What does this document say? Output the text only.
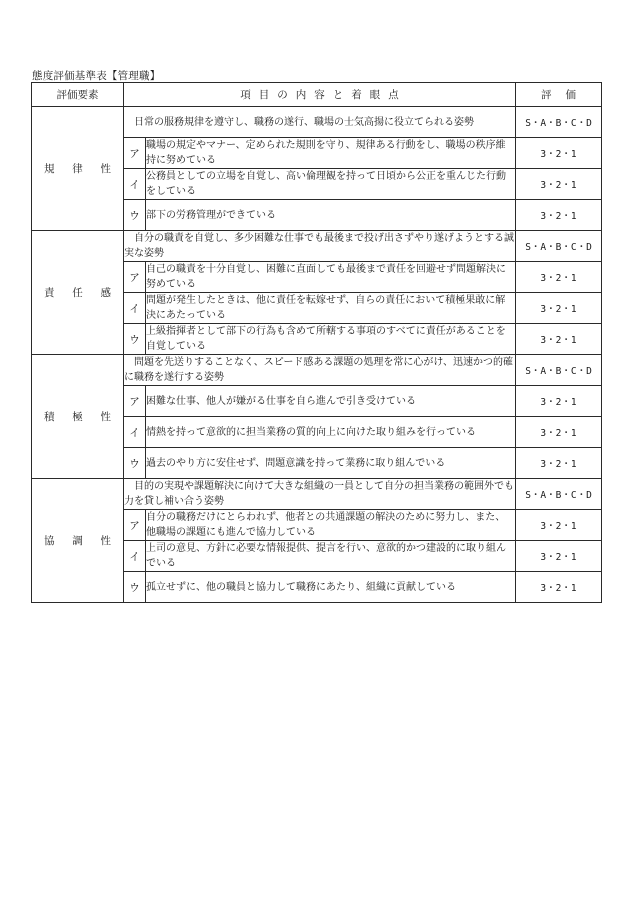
態度評価基準表【管理職】
評価要素	項目の内容と着眼点		評価

規 律 性	日常の服務規律を遵守し、職務の遂行、職場の士気高揚に役立てられる姿勢		S・A・B・C・D
	ア	職場の規定やマナー、定められた規則を守り、規律ある行動をし、職場の秩序維持に努めている	3・2・1
	イ	公務員としての立場を自覚し、高い倫理観を持って日頃から公正を重んじた行動をしている	3・2・1
	ウ	部下の労務管理ができている	3・2・1

責 任 感	自分の職責を自覚し、多少困難な仕事でも最後まで投げ出さずやり遂げようとする誠実な姿勢		S・A・B・C・D
	ア	自己の職責を十分自覚し、困難に直面しても最後まで責任を回避せず問題解決に努めている	3・2・1
	イ	問題が発生したときは、他に責任を転嫁せず、自らの責任において積極果敢に解決にあたっている	3・2・1
	ウ	上級指揮者として部下の行為も含めて所轄する事項のすべてに責任があることを自覚している	3・2・1

積 極 性	問題を先送りすることなく、スピード感ある課題の処理を常に心がけ、迅速かつ的確に職務を遂行する姿勢		S・A・B・C・D
	ア	困難な仕事、他人が嫌がる仕事を自ら進んで引き受けている	3・2・1
	イ	情熱を持って意欲的に担当業務の質的向上に向けた取り組みを行っている	3・2・1
	ウ	過去のやり方に安住せず、問題意識を持って業務に取り組んでいる	3・2・1

協 調 性	目的の実現や課題解決に向けて大きな組織の一員として自分の担当業務の範囲外でも力を貸し補い合う姿勢		S・A・B・C・D
	ア	自分の職務だけにとらわれず、他者との共通課題の解決のために努力し、また、他職場の課題にも進んで協力している	3・2・1
	イ	上司の意見、方針に必要な情報提供、提言を行い、意欲的かつ建設的に取り組んでいる	3・2・1
	ウ	孤立せずに、他の職員と協力して職務にあたり、組織に貢献している	3・2・1
